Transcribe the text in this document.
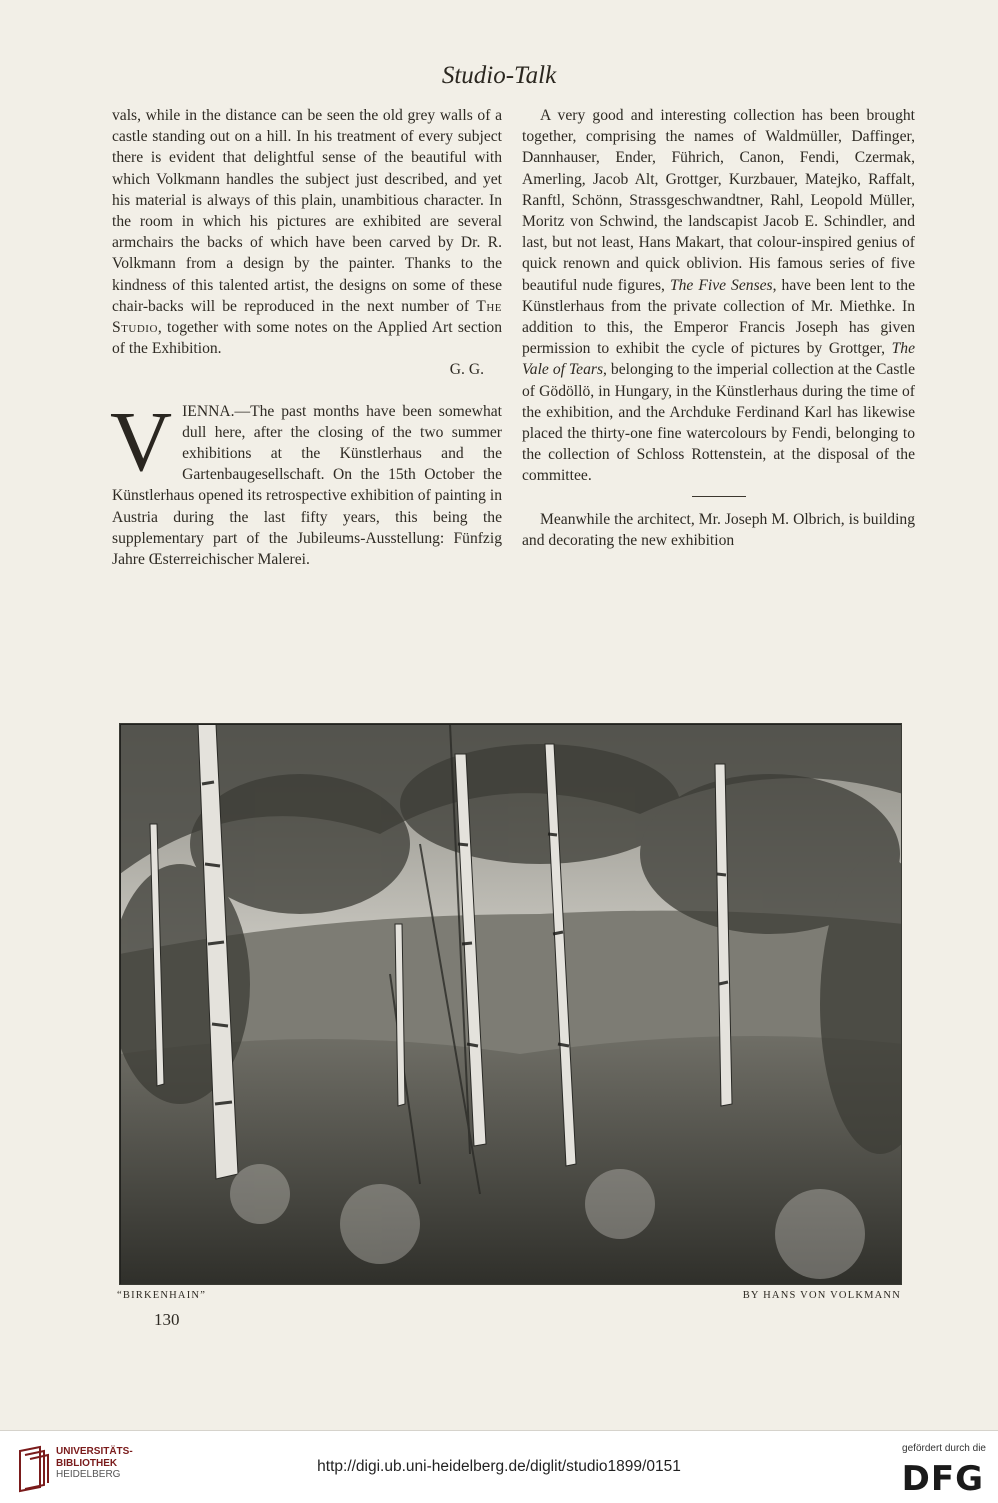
Studio-Talk

vals, while in the distance can be seen the old grey walls of a castle standing out on a hill. In his treatment of every subject there is evident that delightful sense of the beautiful with which Volkmann handles the subject just described, and yet his material is always of this plain, unambitious character. In the room in which his pictures are exhibited are several armchairs the backs of which have been carved by Dr. R. Volkmann from a design by the painter. Thanks to the kindness of this talented artist, the designs on some of these chair-backs will be reproduced in the next number of The Studio, together with some notes on the Applied Art section of the Exhibition.

G. G.

VIENNA.—The past months have been somewhat dull here, after the closing of the two summer exhibitions at the Künstlerhaus and the Gartenbaugesellschaft. On the 15th October the Künstlerhaus opened its retrospective exhibition of painting in Austria during the last fifty years, this being the supplementary part of the Jubileums-Ausstellung: Fünfzig Jahre Œsterreichischer Malerei.

A very good and interesting collection has been brought together, comprising the names of Waldmüller, Daffinger, Dannhauser, Ender, Führich, Canon, Fendi, Czermak, Amerling, Jacob Alt, Grottger, Kurzbauer, Matejko, Raffalt, Ranftl, Schönn, Strassgeschwandtner, Rahl, Leopold Müller, Moritz von Schwind, the landscapist Jacob E. Schindler, and last, but not least, Hans Makart, that colour-inspired genius of quick renown and quick oblivion. His famous series of five beautiful nude figures, The Five Senses, have been lent to the Künstlerhaus from the private collection of Mr. Miethke. In addition to this, the Emperor Francis Joseph has given permission to exhibit the cycle of pictures by Grottger, The Vale of Tears, belonging to the imperial collection at the Castle of Gödöllö, in Hungary, in the Künstlerhaus during the time of the exhibition, and the Archduke Ferdinand Karl has likewise placed the thirty-one fine watercolours by Fendi, belonging to the collection of Schloss Rottenstein, at the disposal of the committee.

Meanwhile the architect, Mr. Joseph M. Olbrich, is building and decorating the new exhibition

“BIRKENHAIN”	BY HANS VON VOLKMANN
130
UNIVERSITÄTS-
BIBLIOTHEK
HEIDELBERG	http://digi.ub.uni-heidelberg.de/diglit/studio1899/0151
gefördert durch die
DFG
